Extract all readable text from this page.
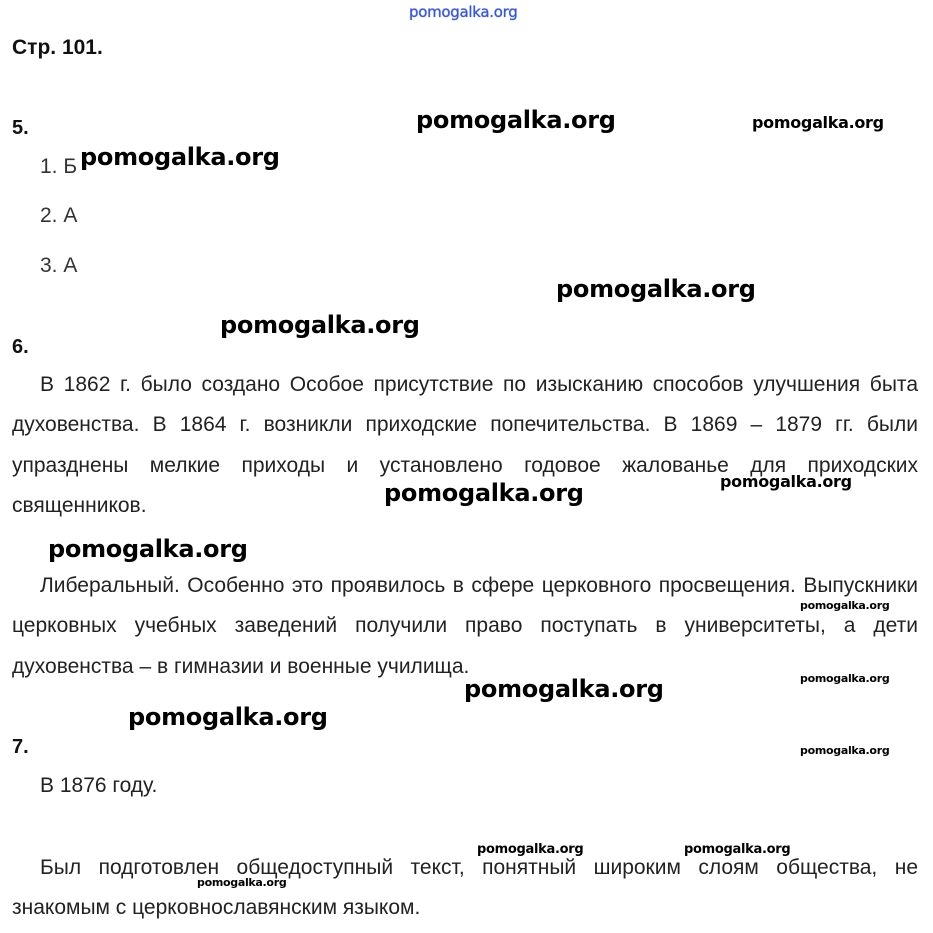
pomogalka.org
Стр. 101.
5.
1. Б
2. А
3. А
6.
В 1862 г. было создано Особое присутствие по изысканию способов улучшения быта духовенства. В 1864 г. возникли приходские попечительства. В 1869 – 1879 гг. были упразднены мелкие приходы и установлено годовое жалованье для приходских священников.
Либеральный. Особенно это проявилось в сфере церковного просвещения. Выпускники церковных учебных заведений получили право поступать в университеты, а дети духовенства – в гимназии и военные училища.
7.
В 1876 году.
Был подготовлен общедоступный текст, понятный широким слоям общества, не знакомым с церковнославянским языком.
pomogalka.org	pomogalka.org
pomogalka.org
pomogalka.org
pomogalka.org
pomogalka.org	pomogalka.org
pomogalka.org
pomogalka.org
pomogalka.org
pomogalka.org
pomogalka.org
pomogalka.org
pomogalka.org	pomogalka.org
pomogalka.org
